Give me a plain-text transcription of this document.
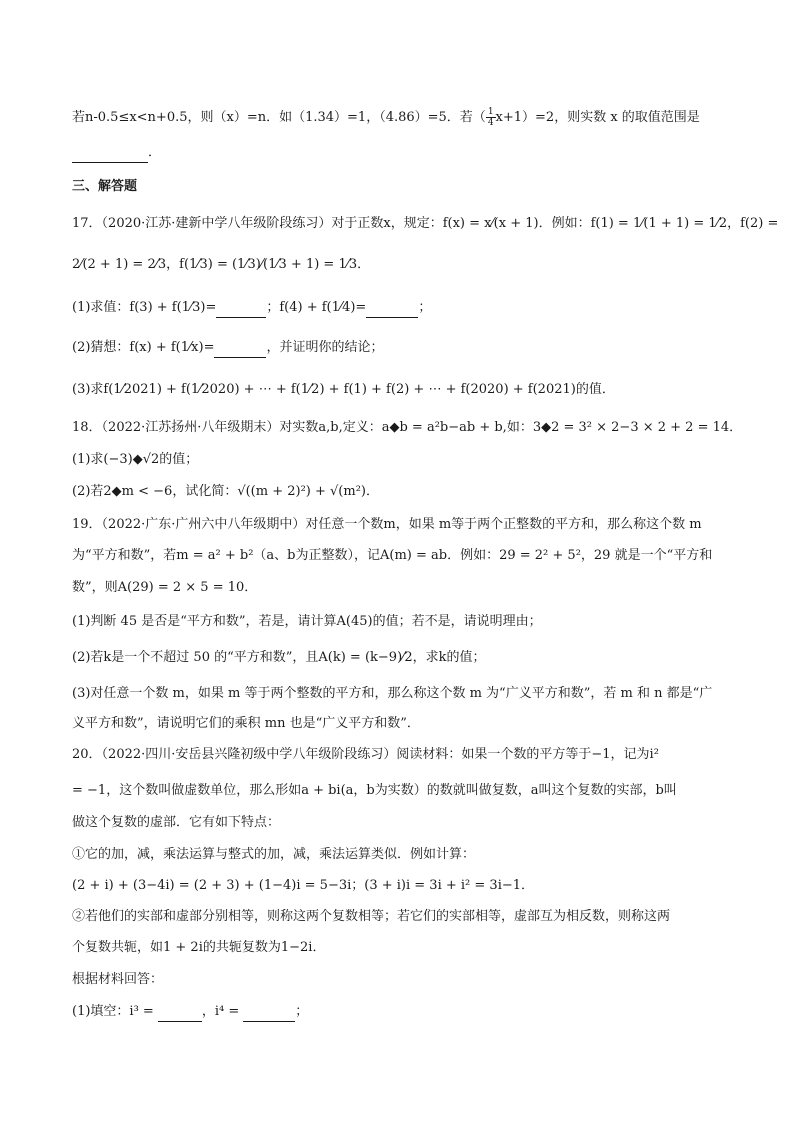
若n-0.5≤x<n+0.5，则（x）=n．如（1.34）=1，（4.86）=5．若（ $\frac{1}{4} x+1)=2$，则实数 x 的取值范围是
．
三、解答题
17．（2020·江苏·建新中学八年级阶段练习）对于正数x，规定：f(x) = x⁄(x + 1)．例如：f(1) = 1⁄(1 + 1) = 1⁄2，f(2) =
2⁄(2 + 1) = 2⁄3，f(1⁄3) = (1⁄3)⁄(1⁄3 + 1) = 1⁄3．
(1)求值：f(3) + f(1⁄3)=	；f(4) + f(1⁄4)=	；
(2)猜想：f(x) + f(1⁄x)=	，并证明你的结论；
(3)求f(1⁄2021) + f(1⁄2020) + ⋯ + f(1⁄2) + f(1) + f(2) + ⋯ + f(2020) + f(2021)的值．
18．（2022·江苏扬州·八年级期末）对实数a,b,定义：a◆b = a²b−ab + b,如：3◆2 = 3² × 2−3 × 2 + 2 = 14．
(1)求(−3)◆√2的值；
(2)若2◆m < −6，试化简：√((m + 2)²) + √(m²)．
19．（2022·广东·广州六中八年级期中）对任意一个数m，如果 m等于两个正整数的平方和，那么称这个数 m
为“平方和数”，若m = a² + b²（a、b为正整数），记A(m) = ab．例如：29 = 2² + 5²，29 就是一个“平方和
数”，则A(29) = 2 × 5 = 10．
(1)判断 45 是否是“平方和数”，若是，请计算A(45)的值；若不是，请说明理由；
(2)若k是一个不超过 50 的“平方和数”，且A(k) = (k−9)⁄2，求k的值；
(3)对任意一个数 m，如果 m 等于两个整数的平方和，那么称这个数 m 为“广义平方和数”，若 m 和 n 都是“广
义平方和数”，请说明它们的乘积 mn 也是“广义平方和数”．
20．（2022·四川·安岳县兴隆初级中学八年级阶段练习）阅读材料：如果一个数的平方等于−1，记为i²
= −1，这个数叫做虚数单位，那么形如a + bi(a，b为实数）的数就叫做复数，a叫这个复数的实部，b叫
做这个复数的虚部．它有如下特点：
①它的加，减，乘法运算与整式的加，减，乘法运算类似．例如计算：
(2 + i) + (3−4i) = (2 + 3) + (1−4)i = 5−3i；(3 + i)i = 3i + i² = 3i−1．
②若他们的实部和虚部分别相等，则称这两个复数相等；若它们的实部相等，虚部互为相反数，则称这两
个复数共轭，如1 + 2i的共轭复数为1−2i．
根据材料回答：
(1)填空：i³ =	，i⁴ =	；
